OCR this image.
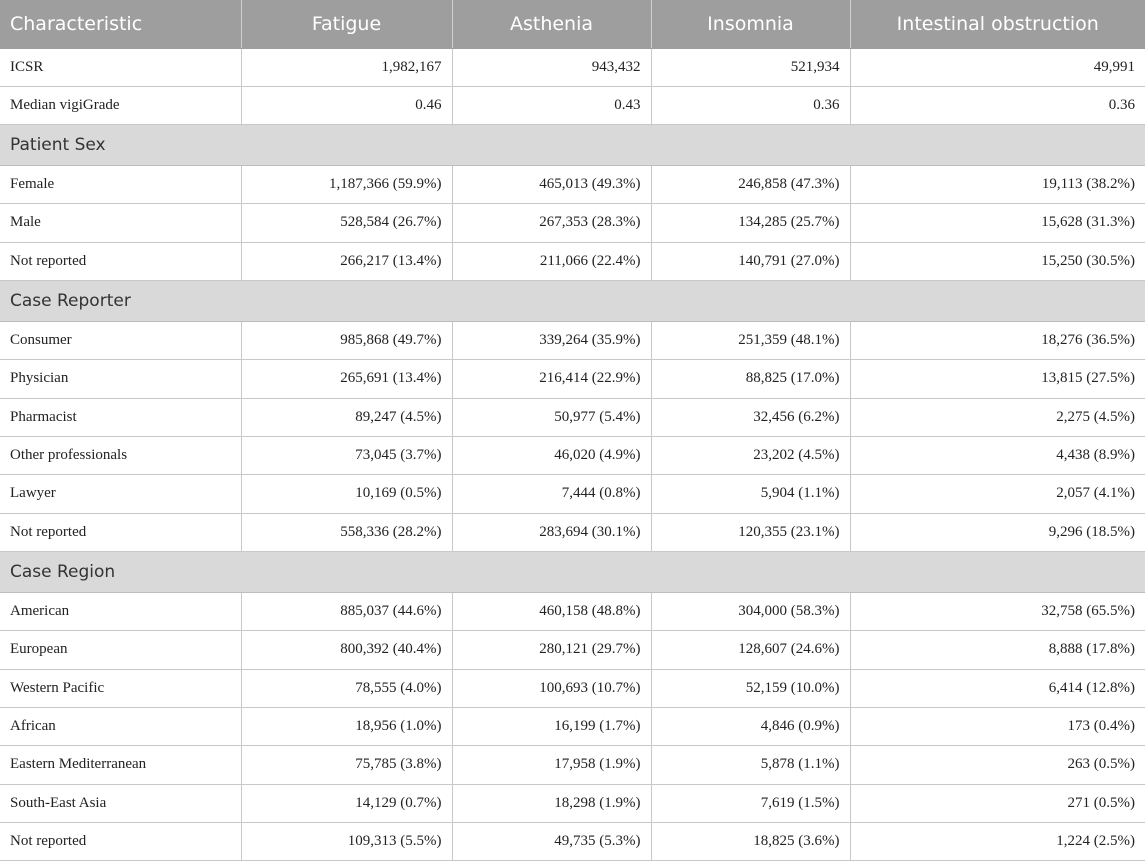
Characteristic	Fatigue	Asthenia	Insomnia	Intestinal obstruction
ICSR	1,982,167	943,432	521,934	49,991
Median vigiGrade	0.46	0.43	0.36	0.36
Patient Sex				
Female	1,187,366 (59.9%)	465,013 (49.3%)	246,858 (47.3%)	19,113 (38.2%)
Male	528,584 (26.7%)	267,353 (28.3%)	134,285 (25.7%)	15,628 (31.3%)
Not reported	266,217 (13.4%)	211,066 (22.4%)	140,791 (27.0%)	15,250 (30.5%)
Case Reporter				
Consumer	985,868 (49.7%)	339,264 (35.9%)	251,359 (48.1%)	18,276 (36.5%)
Physician	265,691 (13.4%)	216,414 (22.9%)	88,825 (17.0%)	13,815 (27.5%)
Pharmacist	89,247 (4.5%)	50,977 (5.4%)	32,456 (6.2%)	2,275 (4.5%)
Other professionals	73,045 (3.7%)	46,020 (4.9%)	23,202 (4.5%)	4,438 (8.9%)
Lawyer	10,169 (0.5%)	7,444 (0.8%)	5,904 (1.1%)	2,057 (4.1%)
Not reported	558,336 (28.2%)	283,694 (30.1%)	120,355 (23.1%)	9,296 (18.5%)
Case Region				
American	885,037 (44.6%)	460,158 (48.8%)	304,000 (58.3%)	32,758 (65.5%)
European	800,392 (40.4%)	280,121 (29.7%)	128,607 (24.6%)	8,888 (17.8%)
Western Pacific	78,555 (4.0%)	100,693 (10.7%)	52,159 (10.0%)	6,414 (12.8%)
African	18,956 (1.0%)	16,199 (1.7%)	4,846 (0.9%)	173 (0.4%)
Eastern Mediterranean	75,785 (3.8%)	17,958 (1.9%)	5,878 (1.1%)	263 (0.5%)
South-East Asia	14,129 (0.7%)	18,298 (1.9%)	7,619 (1.5%)	271 (0.5%)
Not reported	109,313 (5.5%)	49,735 (5.3%)	18,825 (3.6%)	1,224 (2.5%)
